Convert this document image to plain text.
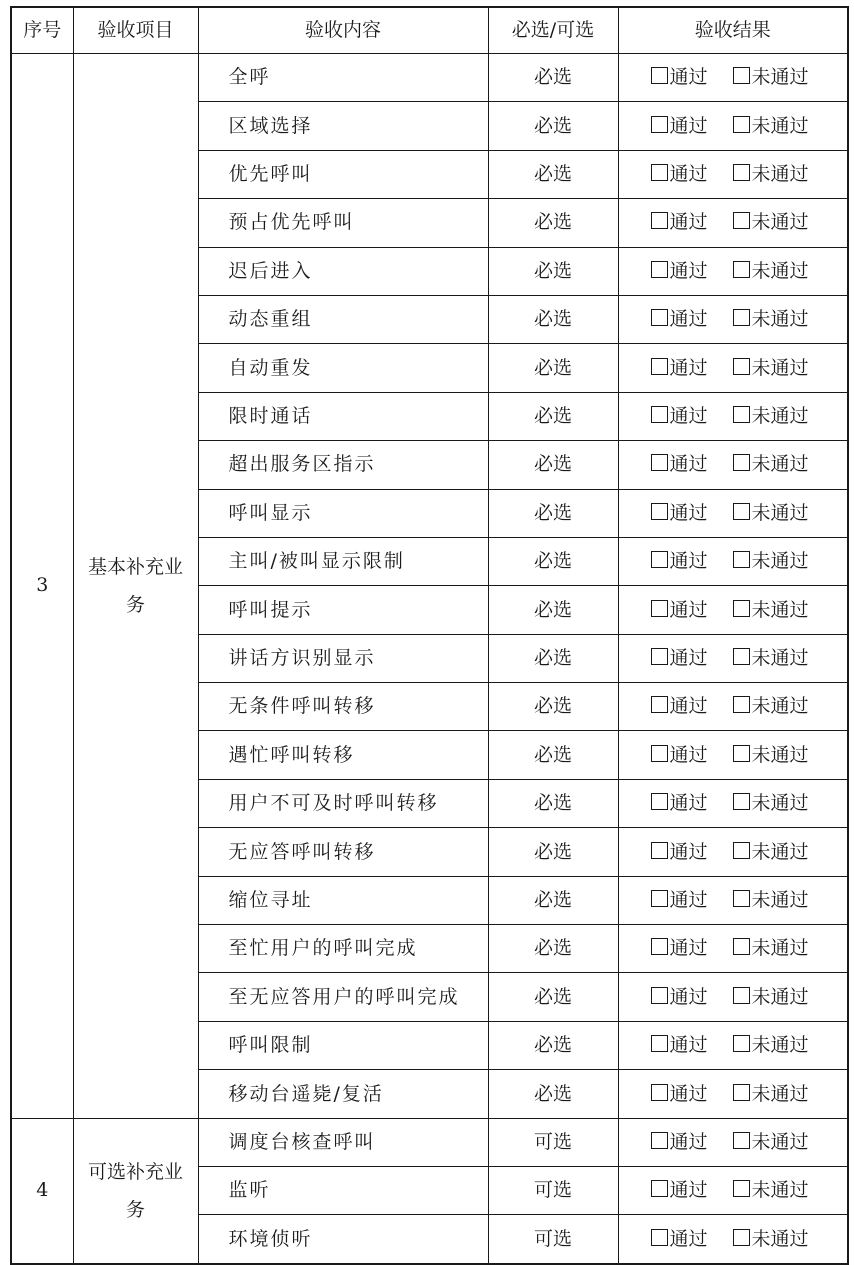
序号	验收项目	验收内容	必选/可选	验收结果
3	基本补充业务	全呼	必选	通过 未通过
		区域选择	必选	通过 未通过
		优先呼叫	必选	通过 未通过
		预占优先呼叫	必选	通过 未通过
		迟后进入	必选	通过 未通过
		动态重组	必选	通过 未通过
		自动重发	必选	通过 未通过
		限时通话	必选	通过 未通过
		超出服务区指示	必选	通过 未通过
		呼叫显示	必选	通过 未通过
		主叫/被叫显示限制	必选	通过 未通过
		呼叫提示	必选	通过 未通过
		讲话方识别显示	必选	通过 未通过
		无条件呼叫转移	必选	通过 未通过
		遇忙呼叫转移	必选	通过 未通过
		用户不可及时呼叫转移	必选	通过 未通过
		无应答呼叫转移	必选	通过 未通过
		缩位寻址	必选	通过 未通过
		至忙用户的呼叫完成	必选	通过 未通过
		至无应答用户的呼叫完成	必选	通过 未通过
		呼叫限制	必选	通过 未通过
		移动台遥毙/复活	必选	通过 未通过
4	可选补充业务	调度台核查呼叫	可选	通过 未通过
		监听	可选	通过 未通过
		环境侦听	可选	通过 未通过
